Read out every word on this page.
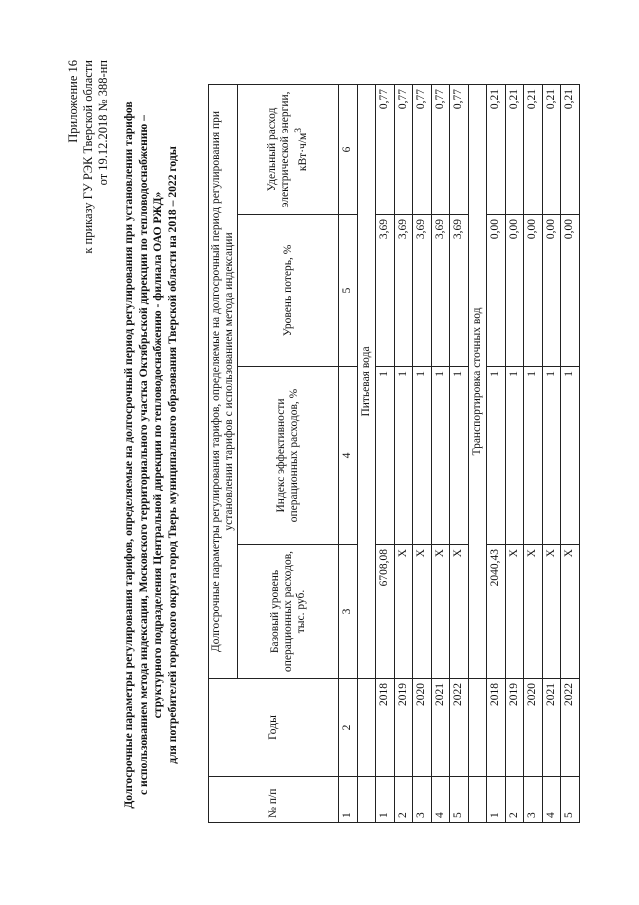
Приложение 16 к приказу ГУ РЭК Тверской области от 19.12.2018 № 388-нп Долгосрочные параметры регулирования тарифов, определяемые на долгосрочный период регулирования при установлении тарифов с использованием метода индексации, Московского территориального участка Октябрьской дирекции по тепловодоснабжению – структурного подразделения Центральной дирекции по тепловодоснабжению - филиала ОАО РЖД» для потребителей городского округа город Тверь муниципального образования Тверской области на 2018 – 2022 годы
№ п/п	Годы	Долгосрочные параметры регулирования тарифов, определяемые на долгосрочный период регулирования при установлении тарифов с использованием метода индексации			
		Базовый уровень операционных расходов, тыс. руб.	Индекс эффективности операционных расходов, %	Уровень потерь, %	Удельный расход электрической энергии, $кВт\cdot ч/м^3$
1	2	3	4	5	6
		Питьевая вода			
1	2018	6708,08	1	3,69	0,77
2	2019	X	1	3,69	0,77
3	2020	X	1	3,69	0,77
4	2021	X	1	3,69	0,77
5	2022	X	1	3,69	0,77
		Транспортировка сточных вод			
1	2018	2040,43	1	0,00	0,21
2	2019	X	1	0,00	0,21
3	2020	X	1	0,00	0,21
4	2021	X	1	0,00	0,21
5	2022	X	1	0,00	0,21
